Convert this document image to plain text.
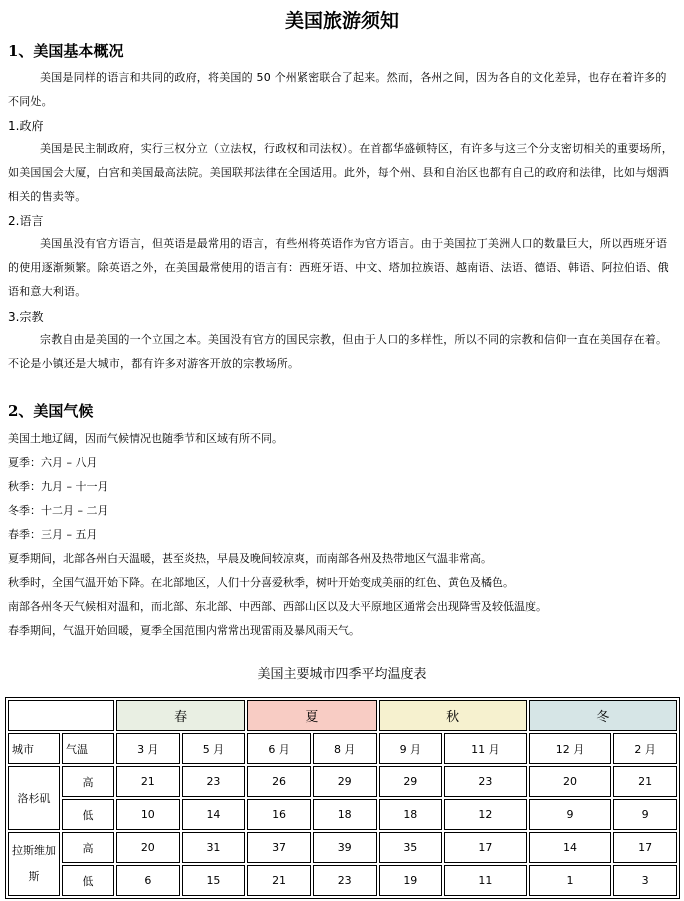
美国旅游须知
1、美国基本概况
美国是同样的语言和共同的政府，将美国的 50 个州紧密联合了起来。然而，各州之间，因为各自的文化差异，也存在着许多的不同处。
1.政府
美国是民主制政府，实行三权分立（立法权，行政权和司法权）。在首都华盛顿特区，有许多与这三个分支密切相关的重要场所，如美国国会大厦，白宫和美国最高法院。美国联邦法律在全国适用。此外，每个州、县和自治区也都有自己的政府和法律，比如与烟酒相关的售卖等。
2.语言
美国虽没有官方语言，但英语是最常用的语言，有些州将英语作为官方语言。由于美国拉丁美洲人口的数量巨大，所以西班牙语的使用逐渐频繁。除英语之外，在美国最常使用的语言有：西班牙语、中文、塔加拉族语、越南语、法语、德语、韩语、阿拉伯语、俄语和意大利语。
3.宗教
宗教自由是美国的一个立国之本。美国没有官方的国民宗教，但由于人口的多样性，所以不同的宗教和信仰一直在美国存在着。不论是小镇还是大城市，都有许多对游客开放的宗教场所。
2、美国气候
美国土地辽阔，因而气候情况也随季节和区域有所不同。
夏季：六月 – 八月
秋季：九月 – 十一月
冬季：十二月 – 二月
春季：三月 – 五月
夏季期间，北部各州白天温暖，甚至炎热，早晨及晚间较凉爽，而南部各州及热带地区气温非常高。
秋季时，全国气温开始下降。在北部地区，人们十分喜爱秋季，树叶开始变成美丽的红色、黄色及橘色。
南部各州冬天气候相对温和，而北部、东北部、中西部、西部山区以及大平原地区通常会出现降雪及较低温度。
春季期间，气温开始回暖，夏季全国范围内常常出现雷雨及暴风雨天气。
美国主要城市四季平均温度表
		春		夏		秋		冬	
城市	气温	3 月	5 月	6 月	8 月	9 月	11 月	12 月	2 月
洛杉矶	高	21	23	26	29	29	23	20	21
	低	10	14	16	18	18	12	9	9
拉斯维加斯	高	20	31	37	39	35	17	14	17
	低	6	15	21	23	19	11	1	3
